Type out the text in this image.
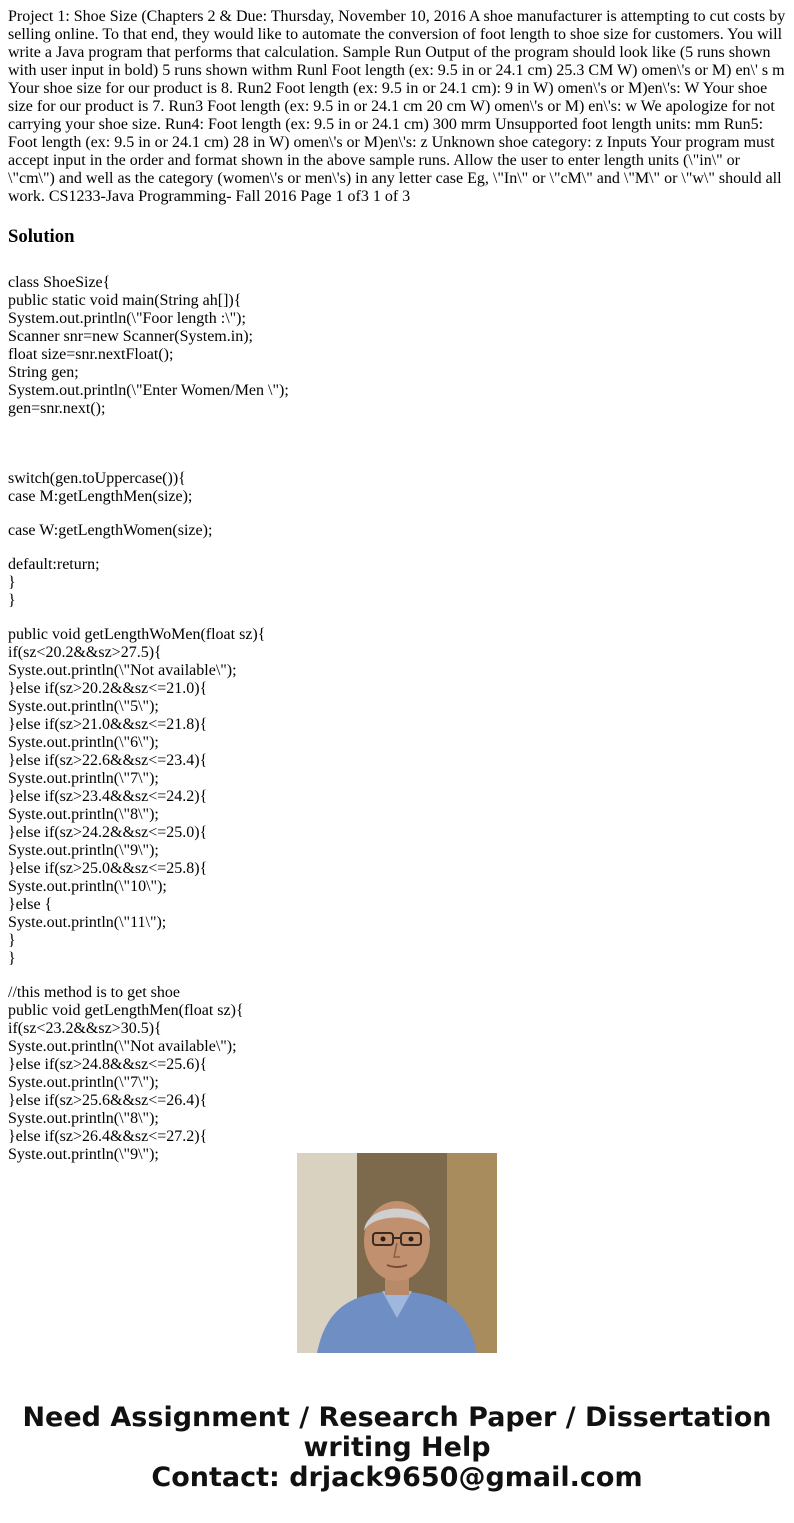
Project 1: Shoe Size (Chapters 2 & Due: Thursday, November 10, 2016 A shoe manufacturer is attempting to cut costs by selling online. To that end, they would like to automate the conversion of foot length to shoe size for customers. You will write a Java program that performs that calculation. Sample Run Output of the program should look like (5 runs shown with user input in bold) 5 runs shown withm Runl Foot length (ex: 9.5 in or 24.1 cm) 25.3 CM W) omen\'s or M) en\' s m Your shoe size for our product is 8. Run2 Foot length (ex: 9.5 in or 24.1 cm): 9 in W) omen\'s or M)en\'s: W Your shoe size for our product is 7. Run3 Foot length (ex: 9.5 in or 24.1 cm 20 cm W) omen\'s or M) en\'s: w We apologize for not carrying your shoe size. Run4: Foot length (ex: 9.5 in or 24.1 cm) 300 mrm Unsupported foot length units: mm Run5: Foot length (ex: 9.5 in or 24.1 cm) 28 in W) omen\'s or M)en\'s: z Unknown shoe category: z Inputs Your program must accept input in the order and format shown in the above sample runs. Allow the user to enter length units (\"in\" or \"cm\") and well as the category (women\'s or men\'s) in any letter case Eg, \"In\" or \"cM\" and \"M\" or \"w\" should all work. CS1233-Java Programming- Fall 2016 Page 1 of3 1 of 3

Solution
class ShoeSize{
public static void main(String ah[]){
System.out.println(\"Foor length :\");
Scanner snr=new Scanner(System.in);
float size=snr.nextFloat();
String gen;
System.out.println(\"Enter Women/Men \");
gen=snr.next();
switch(gen.toUppercase()){
case M:getLengthMen(size);
case W:getLengthWomen(size);
default:return;
}
}
public void getLengthWoMen(float sz){
if(sz<20.2&&sz>27.5){
Syste.out.println(\"Not available\");
}else if(sz>20.2&&sz<=21.0){
Syste.out.println(\"5\");
}else if(sz>21.0&&sz<=21.8){
Syste.out.println(\"6\");
}else if(sz>22.6&&sz<=23.4){
Syste.out.println(\"7\");
}else if(sz>23.4&&sz<=24.2){
Syste.out.println(\"8\");
}else if(sz>24.2&&sz<=25.0){
Syste.out.println(\"9\");
}else if(sz>25.0&&sz<=25.8){
Syste.out.println(\"10\");
}else {
Syste.out.println(\"11\");
}
}
//this method is to get shoe
public void getLengthMen(float sz){
if(sz<23.2&&sz>30.5){
Syste.out.println(\"Not available\");
}else if(sz>24.8&&sz<=25.6){
Syste.out.println(\"7\");
}else if(sz>25.6&&sz<=26.4){
Syste.out.println(\"8\");
}else if(sz>26.4&&sz<=27.2){
Syste.out.println(\"9\");
Need Assignment / Research Paper / Dissertation
writing Help
Contact: drjack9650@gmail.com
